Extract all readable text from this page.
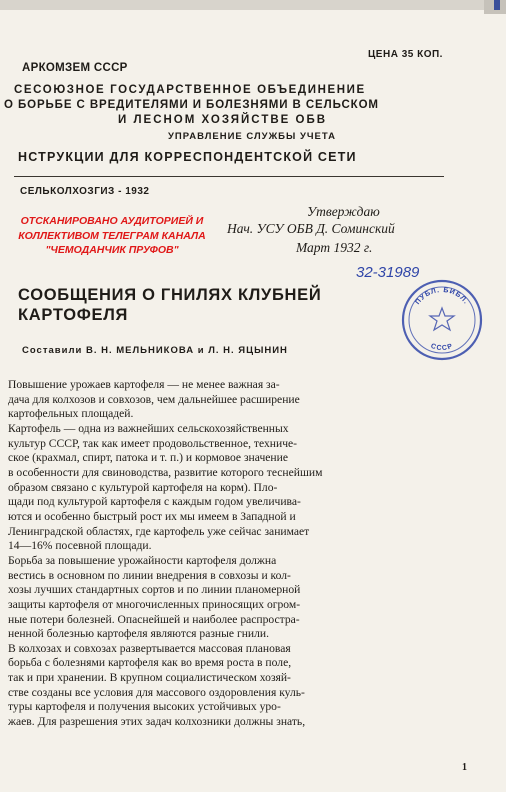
АРКОМЗЕМ СССР
ЦЕНА 35 КОП.
СЕСОЮЗНОЕ ГОСУДАРСТВЕННОЕ ОБЪЕДИНЕНИЕ
О БОРЬБЕ С ВРЕДИТЕЛЯМИ И БОЛЕЗНЯМИ В СЕЛЬСКОМ
И ЛЕСНОМ ХОЗЯЙСТВЕ ОБВ
УПРАВЛЕНИЕ СЛУЖБЫ УЧЕТА
НСТРУКЦИИ ДЛЯ КОРРЕСПОНДЕНТСКОЙ СЕТИ
СЕЛЬКОЛХОЗГИЗ - 1932
Утверждаю
Нач. УСУ ОБВ Д. Соминский
Март 1932 г.
ОТСКАНИРОВАНО АУДИТОРИЕЙ И
КОЛЛЕКТИВОМ ТЕЛЕГРАМ КАНАЛА
"ЧЕМОДАНЧИК ПРУФОВ"
32-31989
ПУБЛ. БИБЛ.
СССР
СООБЩЕНИЯ О ГНИЛЯХ КЛУБНЕЙ
КАРТОФЕЛЯ
Составили В. Н. МЕЛЬНИКОВА и Л. Н. ЯЦЫНИН

Повышение урожаев картофеля — не менее важная за-

дача для колхозов и совхозов, чем дальнейшее расширение

картофельных площадей.

Картофель — одна из важнейших сельскохозяйственных

культур СССР, так как имеет продовольственное, техниче-

ское (крахмал, спирт, патока и т. п.) и кормовое значение

в особенности для свиноводства, развитие которого теснейшим

образом связано с культурой картофеля на корм). Пло-

щади под культурой картофеля с каждым годом увеличива-

ются и особенно быстрый рост их мы имеем в Западной и

Ленинградской областях, где картофель уже сейчас занимает

14—16% посевной площади.

Борьба за повышение урожайности картофеля должна

вестись в основном по линии внедрения в совхозы и кол-

хозы лучших стандартных сортов и по линии планомерной

защиты картофеля от многочисленных приносящих огром-

ные потери болезней. Опаснейшей и наиболее распростра-

ненной болезнью картофеля являются разные гнили.

В колхозах и совхозах развертывается массовая плановая

борьба с болезнями картофеля как во время роста в поле,

так и при хранении. В крупном социалистическом хозяй-

стве созданы все условия для массового оздоровления куль-

туры картофеля и получения высоких устойчивых уро-

жаев. Для разрешения этих задач колхозники должны знать,

1
